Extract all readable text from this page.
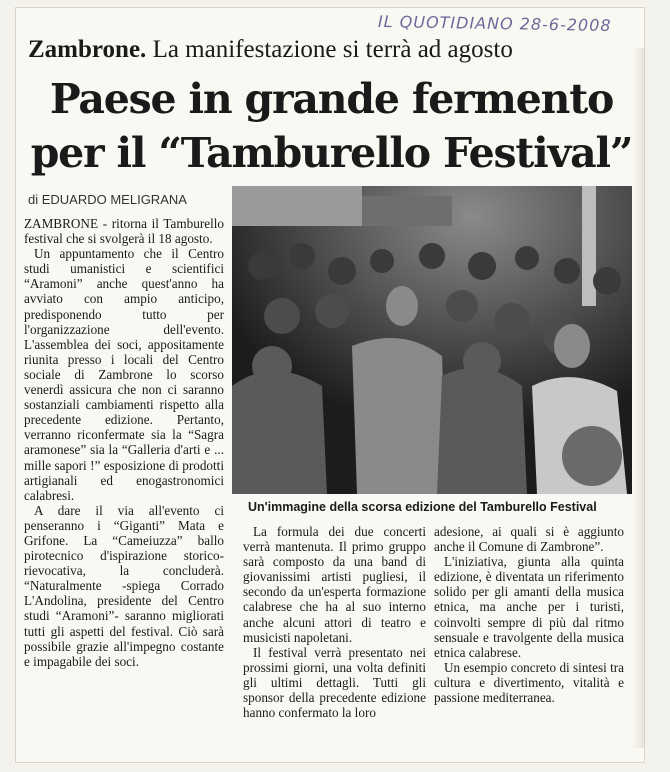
IL QUOTIDIANO 28-6-2008
Zambrone. La manifestazione si terrà ad agosto
Paese in grande fermento per il “Tamburello Festival”
di EDUARDO MELIGRANA

ZAMBRONE - ritorna il Tamburello festival che si svolgerà il 18 agosto.

Un appuntamento che il Centro studi umanistici e scientifici “Aramoni” anche quest'anno ha avviato con ampio anticipo, predisponendo tutto per l'organizzazione dell'evento. L'assemblea dei soci, appositamente riunita presso i locali del Centro sociale di Zambrone lo scorso venerdì assicura che non ci saranno sostanziali cambiamenti rispetto alla precedente edizione. Pertanto, verranno riconfermate sia la “Sagra aramonese” sia la “Galleria d'arti e ... mille sapori !” esposizione di prodotti artigianali ed enogastronomici calabresi.

A dare il via all'evento ci penseranno i “Giganti” Mata e Grifone. La “Cameiuzza” ballo pirotecnico d'ispirazione storico-rievocativa, la concluderà. “Naturalmente -spiega Corrado L'Andolina, presidente del Centro studi “Aramoni”- saranno migliorati tutti gli aspetti del festival. Ciò sarà possibile grazie all'impegno costante e impagabile dei soci.

Un'immagine della scorsa edizione del Tamburello Festival

La formula dei due concerti verrà mantenuta. Il primo gruppo sarà composto da una band di giovanissimi artisti pugliesi, il secondo da un'esperta formazione calabrese che ha al suo interno anche alcuni attori di teatro e musicisti napoletani.

Il festival verrà presentato nei prossimi giorni, una volta definiti gli ultimi dettagli. Tutti gli sponsor della precedente edizione hanno confermato la loro

adesione, ai quali si è aggiunto anche il Comune di Zambrone”.

L'iniziativa, giunta alla quinta edizione, è diventata un riferimento solido per gli amanti della musica etnica, ma anche per i turisti, coinvolti sempre di più dal ritmo sensuale e travolgente della musica etnica calabrese.

Un esempio concreto di sintesi tra cultura e divertimento, vitalità e passione mediterranea.
